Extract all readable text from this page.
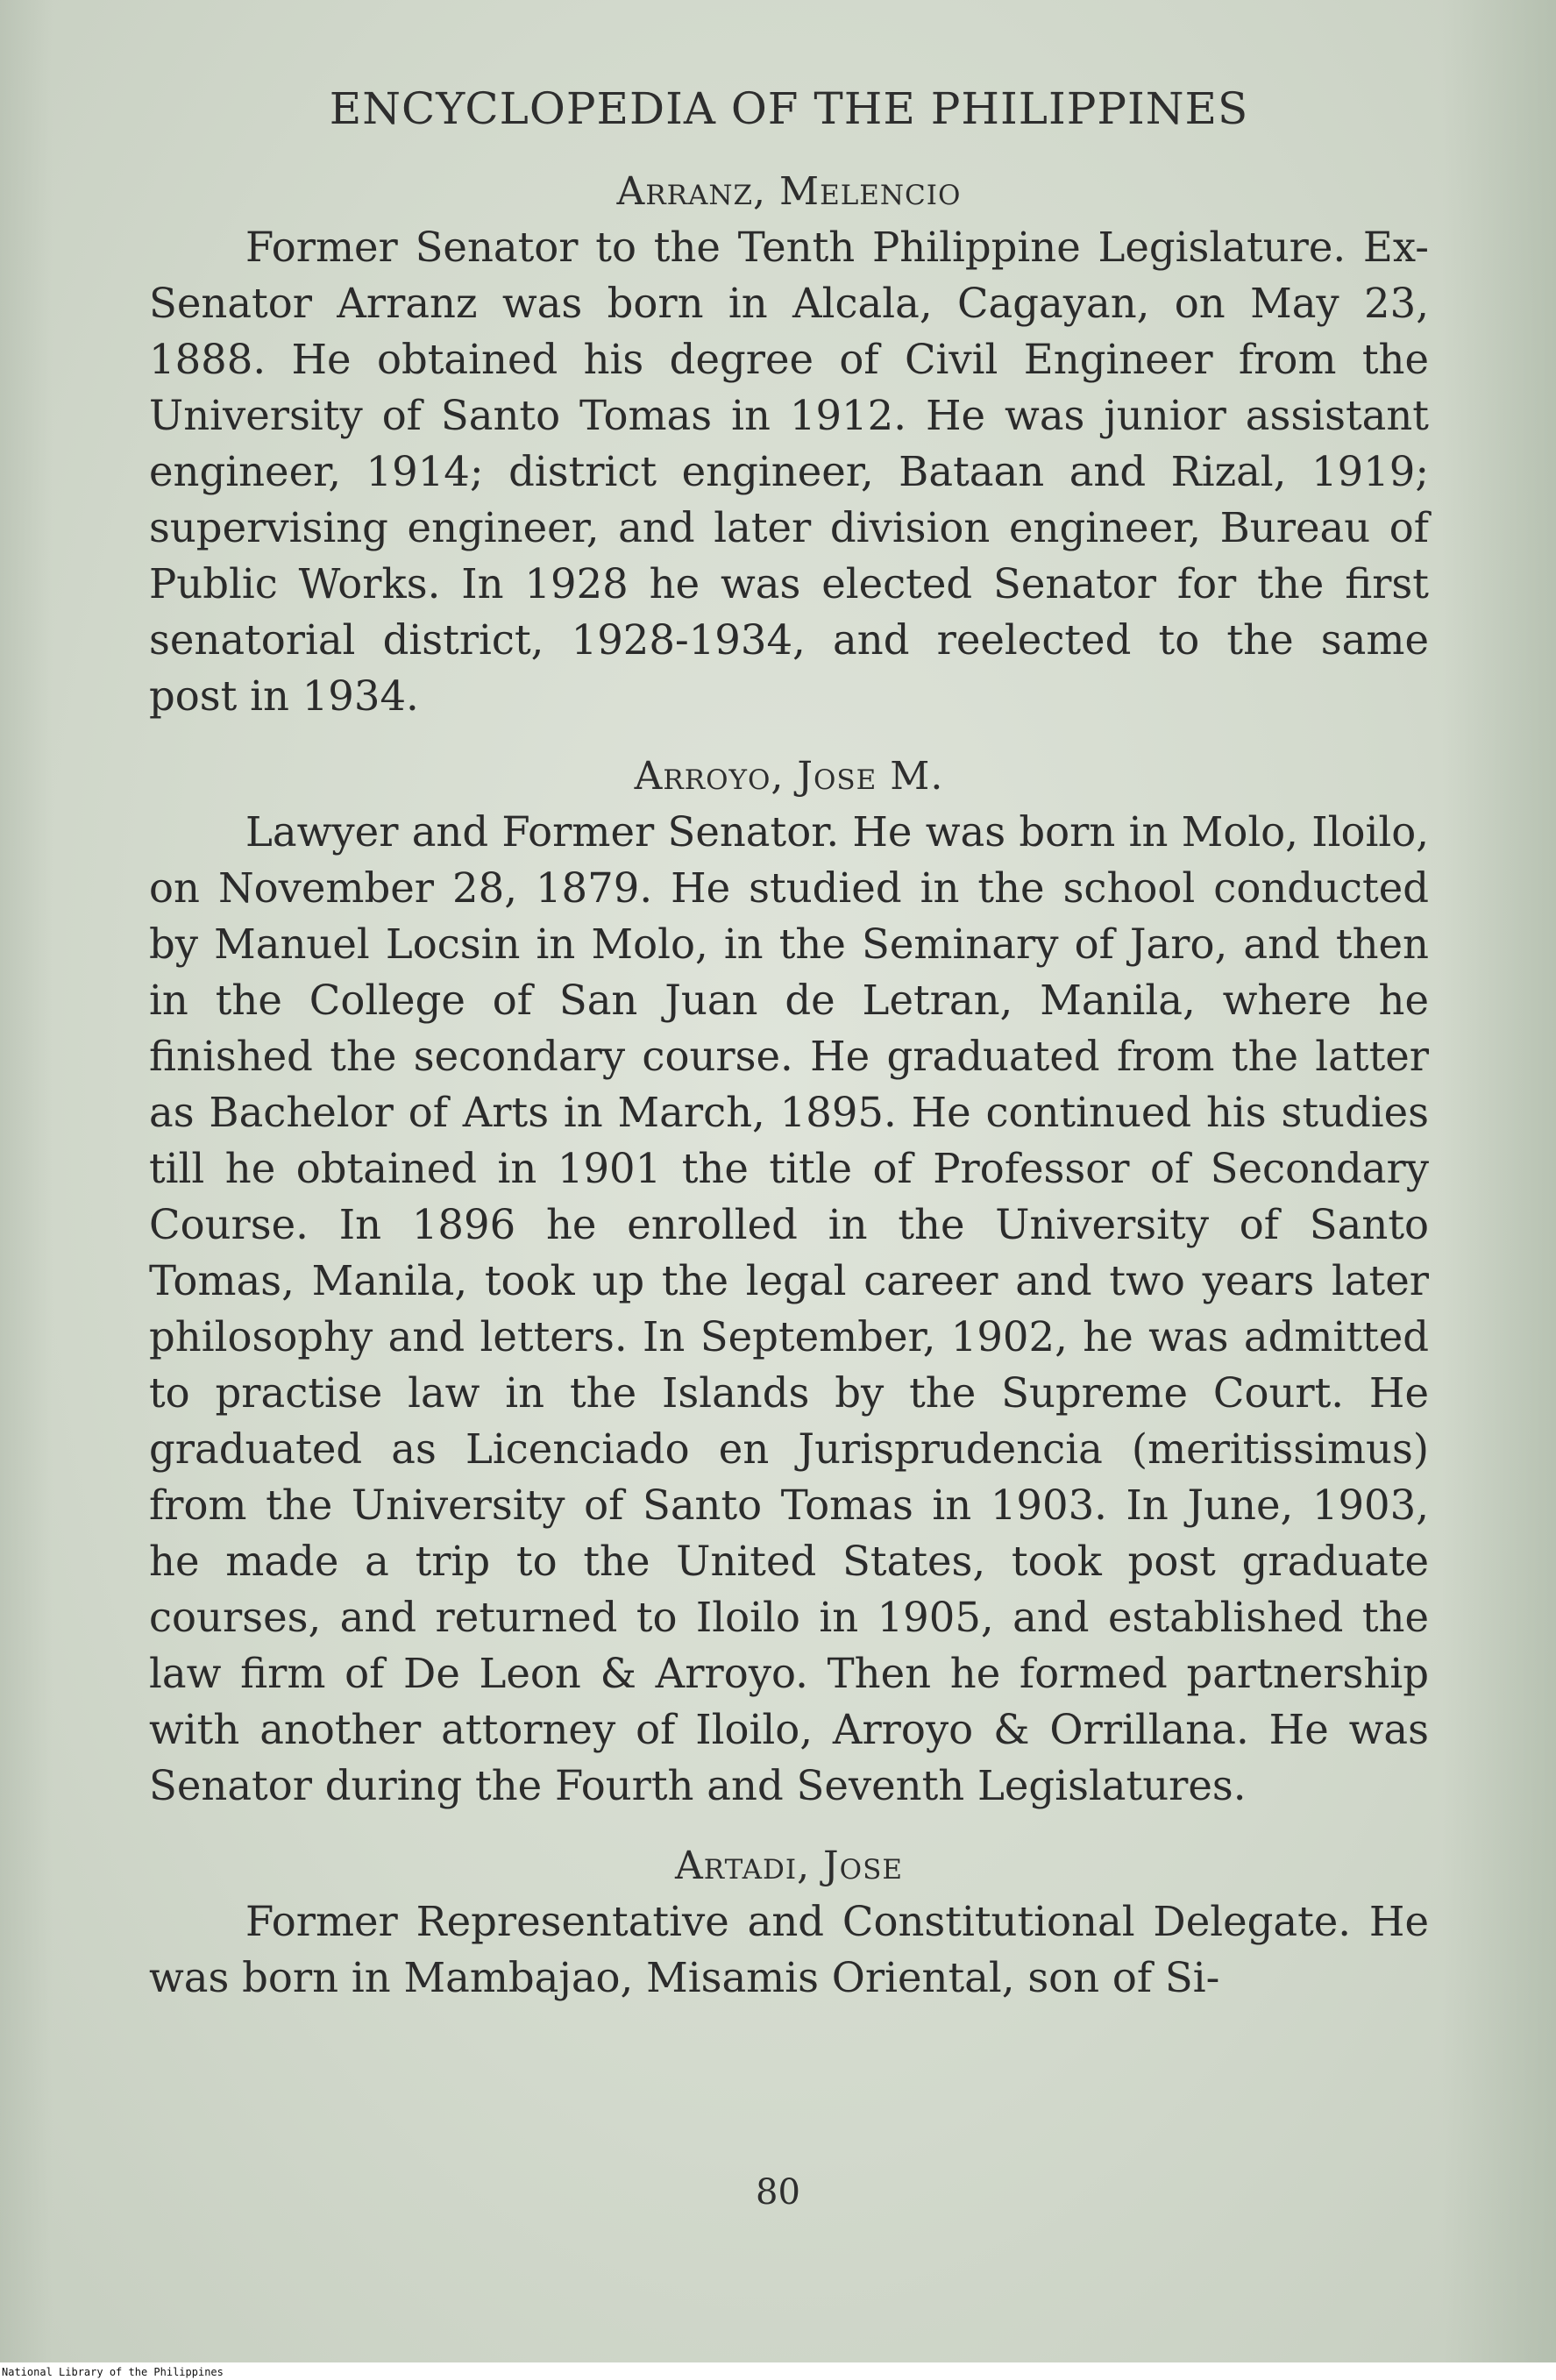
ENCYCLOPEDIA OF THE PHILIPPINES
Arranz, Melencio

Former Senator to the Tenth Philippine Legislature. Ex-Senator Arranz was born in Alcala, Cagayan, on May 23, 1888. He obtained his degree of Civil Engineer from the University of Santo Tomas in 1912. He was junior assistant engineer, 1914; district engineer, Bataan and Rizal, 1919; supervising engineer, and later division engineer, Bureau of Public Works. In 1928 he was elected Senator for the first senatorial district, 1928-1934, and reelected to the same post in 1934.

Arroyo, Jose M.

Lawyer and Former Senator. He was born in Molo, Iloilo, on November 28, 1879. He studied in the school conducted by Manuel Locsin in Molo, in the Seminary of Jaro, and then in the College of San Juan de Letran, Manila, where he finished the secondary course. He graduated from the latter as Bachelor of Arts in March, 1895. He continued his studies till he obtained in 1901 the title of Professor of Secondary Course. In 1896 he enrolled in the University of Santo Tomas, Manila, took up the legal career and two years later philosophy and letters. In September, 1902, he was admitted to practise law in the Islands by the Supreme Court. He graduated as Licenciado en Jurisprudencia (meritissimus) from the University of Santo Tomas in 1903. In June, 1903, he made a trip to the United States, took post graduate courses, and returned to Iloilo in 1905, and established the law firm of De Leon & Arroyo. Then he formed partnership with another attorney of Iloilo, Arroyo & Orrillana. He was Senator during the Fourth and Seventh Legislatures.

Artadi, Jose

Former Representative and Constitutional Delegate. He was born in Mambajao, Misamis Oriental, son of Si-

80
National Library of the Philippines
